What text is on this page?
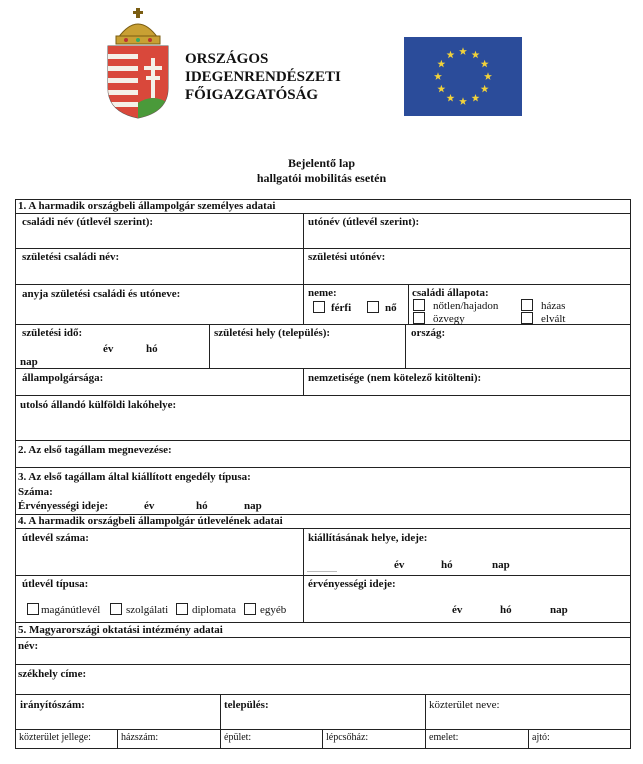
ORSZÁGOS
IDEGENRENDÉSZETI
FŐIGAZGATÓSÁG
Bejelentő lap
hallgatói mobilitás esetén
1. A harmadik országbeli állampolgár személyes adatai
családi név (útlevél szerint):	utónév (útlevél szerint):
születési családi név:	születési utónév:
anyja születési családi és utóneve:	neme:
férfi	nő
családi állapota:
nőtlen/hajadon	házas
özvegy	elvált
születési idő:
év	hó
nap
születési hely (település):	ország:
állampolgársága:	nemzetisége (nem kötelező kitölteni):
utolsó állandó külföldi lakóhelye:
2. Az első tagállam megnevezése:
3. Az első tagállam által kiállított engedély típusa:
Száma:
Érvényességi ideje:	év	hó	nap
4. A harmadik országbeli állampolgár útlevelének adatai
útlevél száma:	kiállításának helye, ideje:
év	hó	nap
útlevél típusa:
magánútlevél szolgálati diplomata egyéb
érvényességi ideje:
év	hó	nap
5. Magyarországi oktatási intézmény adatai
név:
székhely címe:
irányítószám:	település:	közterület neve:
közterület jellege:	házszám:	épület:	lépcsőház:	emelet:	ajtó:
